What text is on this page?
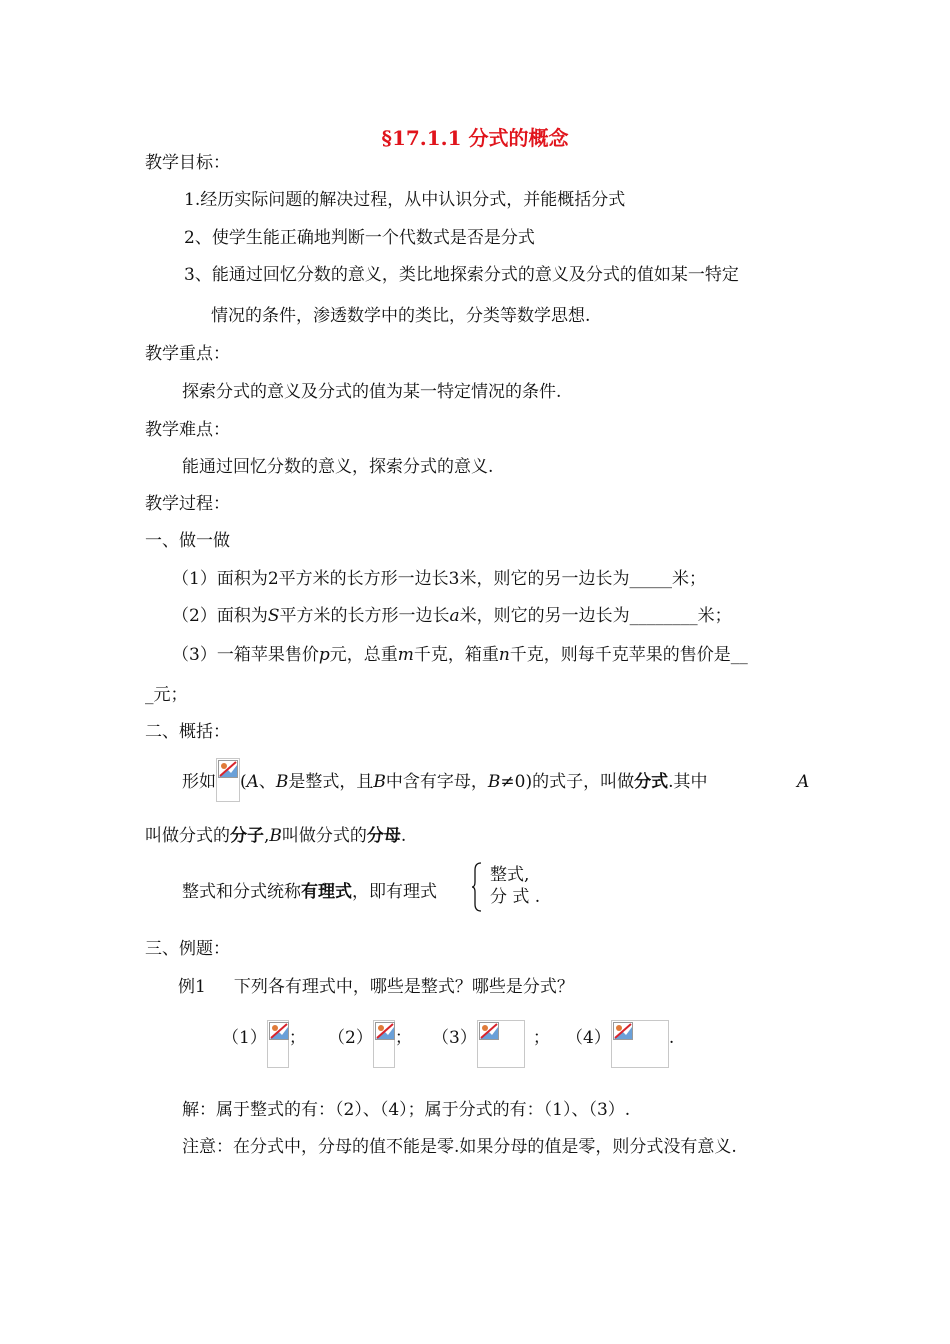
§17.1.1 分式的概念
教学目标：
1.经历实际问题的解决过程，从中认识分式，并能概括分式
2、使学生能正确地判断一个代数式是否是分式
3、能通过回忆分数的意义，类比地探索分式的意义及分式的值如某一特定
情况的条件，渗透数学中的类比，分类等数学思想.
教学重点：
探索分式的意义及分式的值为某一特定情况的条件.
教学难点：
能通过回忆分数的意义，探索分式的意义.
教学过程：
一、做一做
（1）面积为2平方米的长方形一边长3米，则它的另一边长为_____米；
（2）面积为S平方米的长方形一边长a米，则它的另一边长为________米；
（3）一箱苹果售价p元，总重m千克，箱重n千克，则每千克苹果的售价是__
_元；
二、概括：
形如 (A、B是整式，且B中含有字母，B≠0)的式子，叫做分式.其中	A
叫做分式的分子,B叫做分式的分母.
整式和分式统称有理式，即有理式
整式,
分 式 .
三、例题：
例1 下列各有理式中，哪些是整式？哪些是分式？
（1） ； （2） ； （3）	； （4）	.
解：属于整式的有：（2）、（4）；属于分式的有：（1）、（3）.
注意：在分式中，分母的值不能是零.如果分母的值是零，则分式没有意义.
